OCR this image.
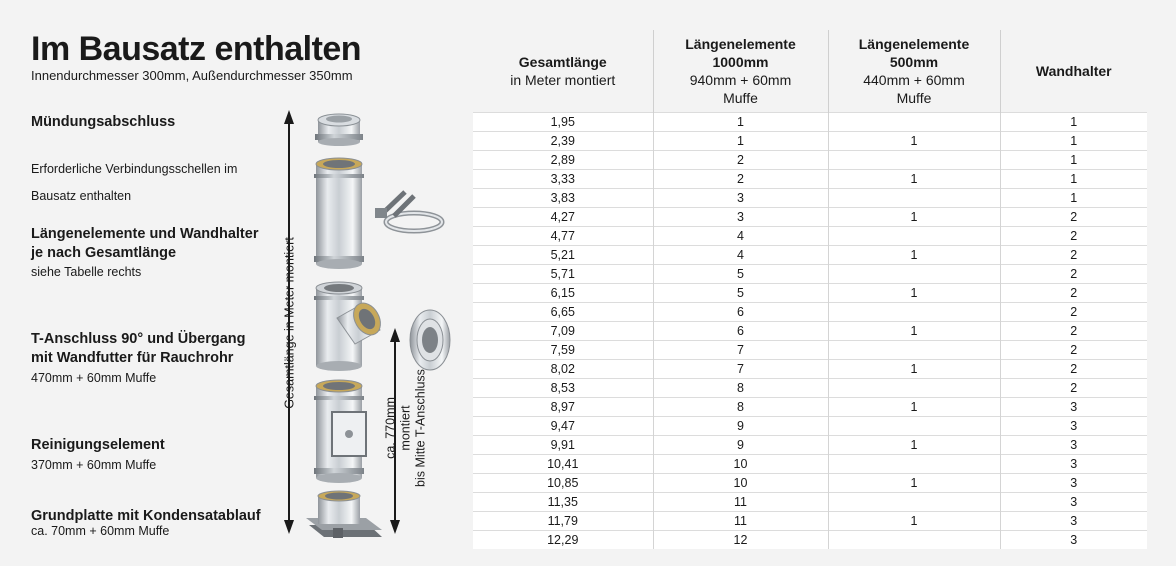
Im Bausatz enthalten
Innendurchmesser 300mm, Außendurchmesser 350mm
Mündungsabschluss
Erforderliche Verbindungsschellen im Bausatz enthalten
Längenelemente und Wandhalter
je nach Gesamtlänge
siehe Tabelle rechts
T-Anschluss 90° und Übergang
mit Wandfutter für Rauchrohr
470mm + 60mm Muffe
Reinigungselement
370mm + 60mm Muffe
Grundplatte mit Kondensatablauf
ca. 70mm + 60mm Muffe
Gesamtlänge in Meter montiert
ca. 770mm montiert bis Mitte T-Anschluss
Gesamtlänge
in Meter montiert	Längenelemente
1000mm
940mm + 60mm
Muffe	Längenelemente
500mm
440mm + 60mm
Muffe	Wandhalter
1,95	1		1
2,39	1	1	1
2,89	2		1
3,33	2	1	1
3,83	3		1
4,27	3	1	2
4,77	4		2
5,21	4	1	2
5,71	5		2
6,15	5	1	2
6,65	6		2
7,09	6	1	2
7,59	7		2
8,02	7	1	2
8,53	8		2
8,97	8	1	3
9,47	9		3
9,91	9	1	3
10,41	10		3
10,85	10	1	3
11,35	11		3
11,79	11	1	3
12,29	12		3
